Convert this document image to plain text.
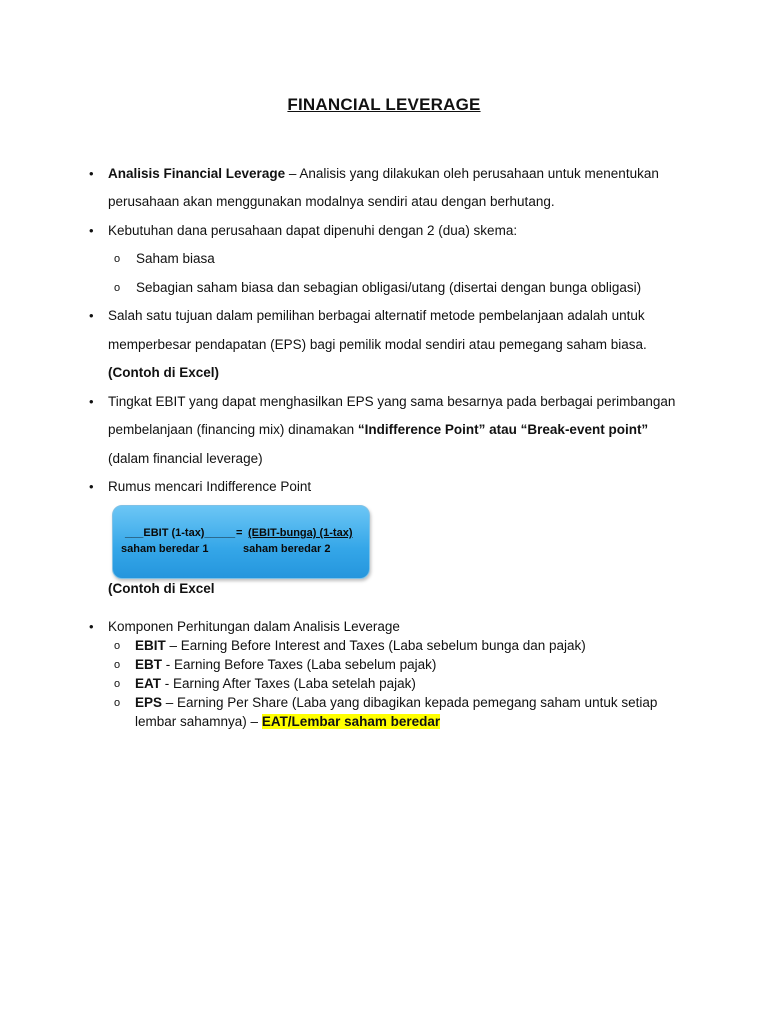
FINANCIAL LEVERAGE
• Analisis Financial Leverage – Analisis yang dilakukan oleh perusahaan untuk menentukan
perusahaan akan menggunakan modalnya sendiri atau dengan berhutang.
• Kebutuhan dana perusahaan dapat dipenuhi dengan 2 (dua) skema:
o Saham biasa
o Sebagian saham biasa dan sebagian obligasi/utang (disertai dengan bunga obligasi)
• Salah satu tujuan dalam pemilihan berbagai alternatif metode pembelanjaan adalah untuk
memperbesar pendapatan (EPS) bagi pemilik modal sendiri atau pemegang saham biasa.
(Contoh di Excel)
• Tingkat EBIT yang dapat menghasilkan EPS yang sama besarnya pada berbagai perimbangan
pembelanjaan (financing mix) dinamakan “Indifference Point” atau “Break-event point”
(dalam financial leverage)
• Rumus mencari Indifference Point
___EBIT (1-tax)_____ = (EBIT-bunga) (1-tax)
saham beredar 1	saham beredar 2
(Contoh di Excel
• Komponen Perhitungan dalam Analisis Leverage
o EBIT – Earning Before Interest and Taxes (Laba sebelum bunga dan pajak)
o EBT - Earning Before Taxes (Laba sebelum pajak)
o EAT - Earning After Taxes (Laba setelah pajak)
o EPS – Earning Per Share (Laba yang dibagikan kepada pemegang saham untuk setiap
lembar sahamnya) – EAT/Lembar saham beredar
